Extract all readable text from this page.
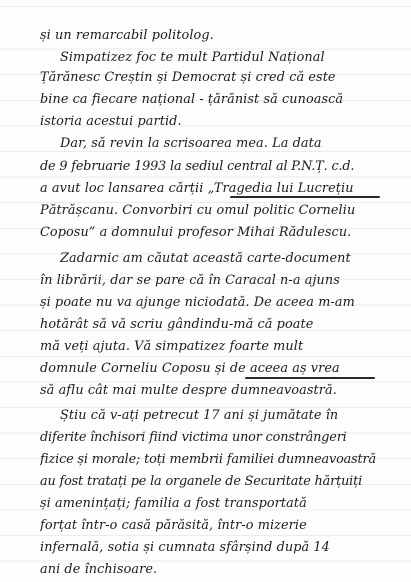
și un remarcabil politolog.
Simpatizez foc te mult Partidul Național
Țărănesc Creștin și Democrat și cred că este
bine ca fiecare național - țărănist să cunoască
istoria acestui partid.
Dar, să revin la scrisoarea mea. La data
de 9 februarie 1993 la sediul central al P.N.Ț. c.d.
a avut loc lansarea cărții „Tragedia lui Lucrețiu
Pătrășcanu. Convorbiri cu omul politic Corneliu
Coposu” a domnului profesor Mihai Rădulescu.
Zadarnic am căutat această carte-document
în librării, dar se pare că în Caracal n-a ajuns
și poate nu va ajunge niciodată. De aceea m-am
hotărât să vă scriu gândindu-mă că poate
mă veți ajuta. Vă simpatizez foarte mult
domnule Corneliu Coposu și de aceea aș vrea
să aflu cât mai multe despre dumneavoastră.
Știu că v-ați petrecut 17 ani și jumătate în
diferite închisori fiind victima unor constrângeri
fizice și morale; toți membrii familiei dumneavoastră
au fost tratați pe la organele de Securitate hărțuiți
și amenințați; familia a fost transportată
forțat într-o casă părăsită, într-o mizerie
infernală, sotia și cumnata sfârșind după 14
ani de închisoare.
